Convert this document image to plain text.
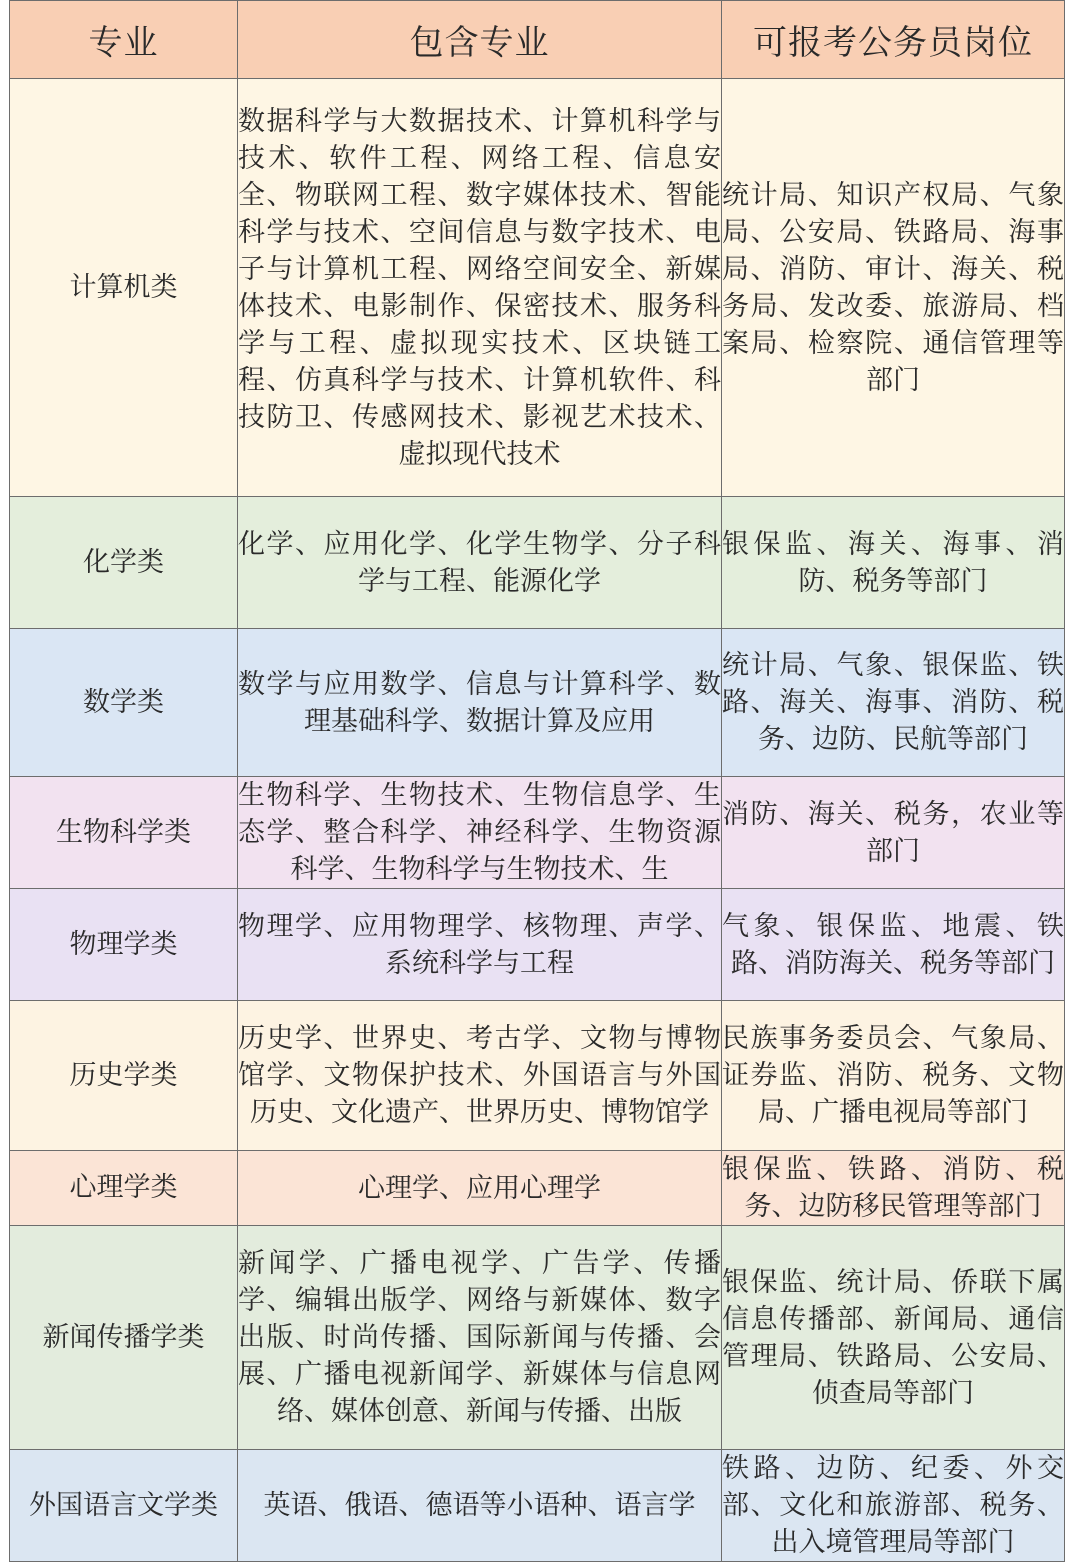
专业	包含专业	可报考公务员岗位
计算机类	数据科学与大数据技术、计算机科学与技术、软件工程、网络工程、信息安全、物联网工程、数字媒体技术、智能科学与技术、空间信息与数字技术、电子与计算机工程、网络空间安全、新媒体技术、电影制作、保密技术、服务科学与工程、虚拟现实技术、区块链工程、仿真科学与技术、计算机软件、科技防卫、传感网技术、影视艺术技术、虚拟现代技术	统计局、知识产权局、气象局、公安局、铁路局、海事局、消防、审计、海关、税务局、发改委、旅游局、档案局、检察院、通信管理等部门
化学类	化学、应用化学、化学生物学、分子科学与工程、能源化学	银保监、海关、海事、消防、税务等部门
数学类	数学与应用数学、信息与计算科学、数理基础科学、数据计算及应用	统计局、气象、银保监、铁路、海关、海事、消防、税务、边防、民航等部门
生物科学类	生物科学、生物技术、生物信息学、生态学、整合科学、神经科学、生物资源科学、生物科学与生物技术、生	消防、海关、税务，农业等部门
物理学类	物理学、应用物理学、核物理、声学、系统科学与工程	气象、银保监、地震、铁路、消防海关、税务等部门
历史学类	历史学、世界史、考古学、文物与博物馆学、文物保护技术、外国语言与外国历史、文化遗产、世界历史、博物馆学	民族事务委员会、气象局、证券监、消防、税务、文物局、广播电视局等部门
心理学类	心理学、应用心理学	银保监、铁路、消防、税务、边防移民管理等部门
新闻传播学类	新闻学、广播电视学、广告学、传播学、编辑出版学、网络与新媒体、数字出版、时尚传播、国际新闻与传播、会展、广播电视新闻学、新媒体与信息网络、媒体创意、新闻与传播、出版	银保监、统计局、侨联下属信息传播部、新闻局、通信管理局、铁路局、公安局、侦查局等部门
外国语言文学类	英语、俄语、德语等小语种、语言学	铁路、边防、纪委、外交部、文化和旅游部、税务、出入境管理局等部门
